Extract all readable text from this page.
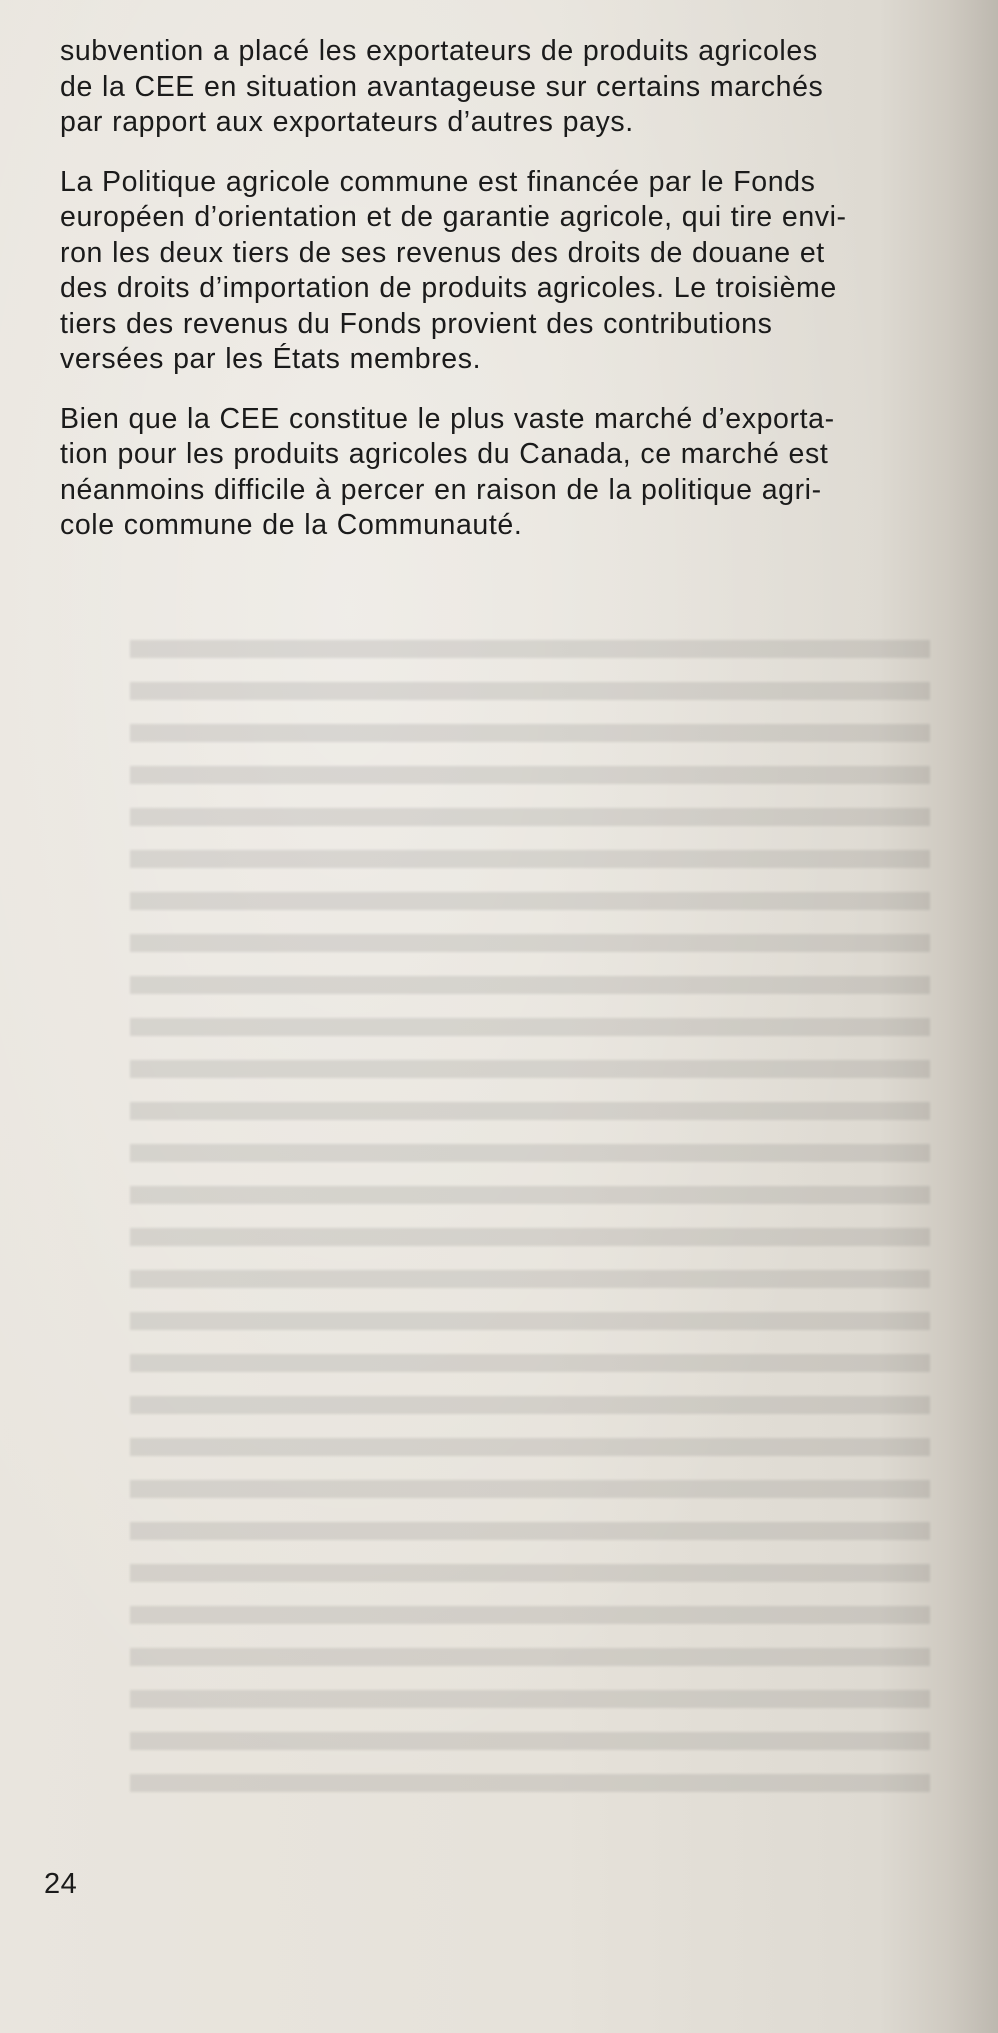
subvention a placé les exportateurs de produits agricoles
de la CEE en situation avantageuse sur certains marchés
par rapport aux exportateurs d’autres pays.

La Politique agricole commune est financée par le Fonds
européen d’orientation et de garantie agricole, qui tire envi-
ron les deux tiers de ses revenus des droits de douane et
des droits d’importation de produits agricoles. Le troisième
tiers des revenus du Fonds provient des contributions
versées par les États membres.

Bien que la CEE constitue le plus vaste marché d’exporta-
tion pour les produits agricoles du Canada, ce marché est
néanmoins difficile à percer en raison de la politique agri-
cole commune de la Communauté.

24
